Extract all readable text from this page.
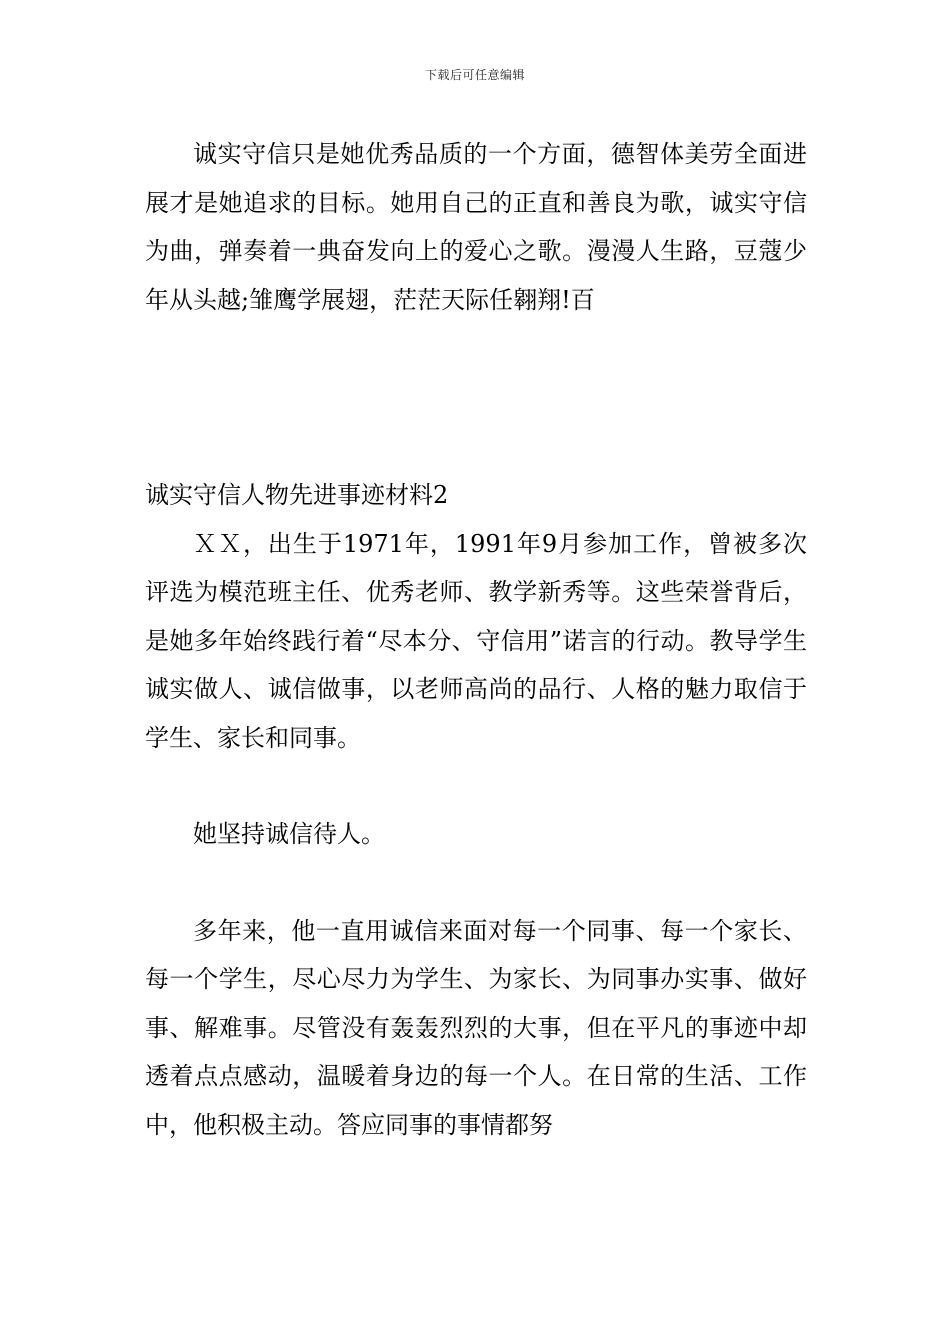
下载后可任意编辑

诚实守信只是她优秀品质的一个方面，德智体美劳全面进展才是她追求的目标。她用自己的正直和善良为歌，诚实守信为曲，弹奏着一典奋发向上的爱心之歌。漫漫人生路，豆蔻少年从头越;雏鹰学展翅，茫茫天际任翱翔!百

诚实守信人物先进事迹材料2

ＸＸ，出生于1971年，1991年9月参加工作，曾被多次评选为模范班主任、优秀老师、教学新秀等。这些荣誉背后，是她多年始终践行着“尽本分、守信用”诺言的行动。教导学生诚实做人、诚信做事，以老师高尚的品行、人格的魅力取信于学生、家长和同事。

她坚持诚信待人。

多年来，他一直用诚信来面对每一个同事、每一个家长、每一个学生，尽心尽力为学生、为家长、为同事办实事、做好事、解难事。尽管没有轰轰烈烈的大事，但在平凡的事迹中却透着点点感动，温暖着身边的每一个人。在日常的生活、工作中，他积极主动。答应同事的事情都努
